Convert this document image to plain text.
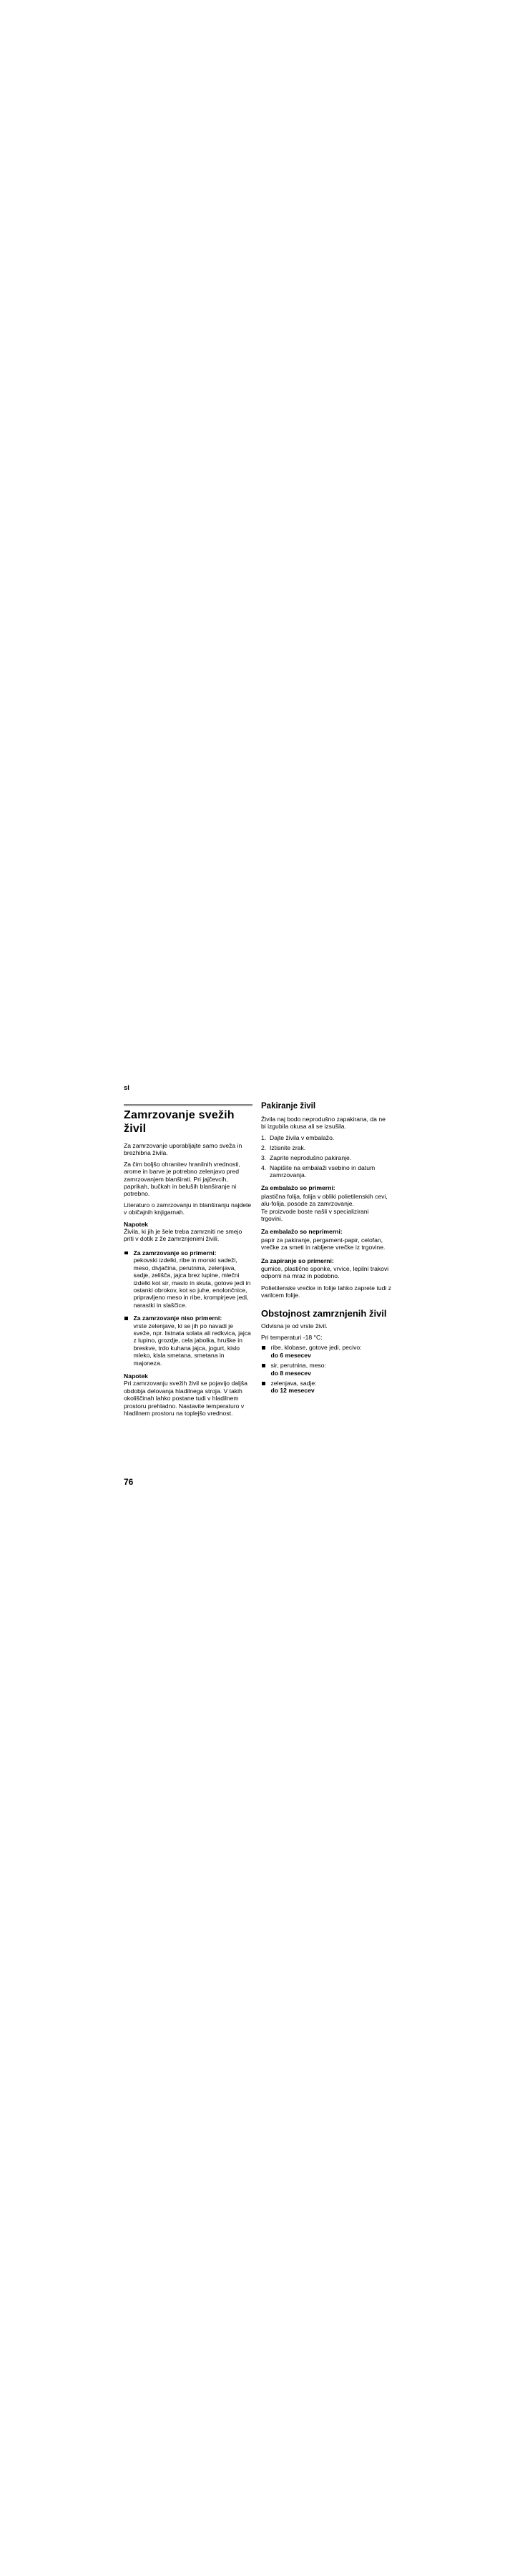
sl
Zamrzovanje svežih živil

Za zamrzovanje uporabljajte samo sveža in brezhibna živila.

Za čim boljšo ohranitev hranilnih vrednosti, arome in barve je potrebno zelenjavo pred zamrzovanjem blanširati. Pri jajčevcih, paprikah, bučkah in beluših blanširanje ni potrebno.

Literaturo o zamrzovanju in blanširanju najdete v običajnih knjigarnah.

Napotek

Živila, ki jih je šele treba zamrzniti ne smejo priti v dotik z že zamrznjenimi živili.

Za zamrzovanje so primerni:
pekovski izdelki, ribe in morski sadeži, meso, divjačina, perutnina, zelenjava, sadje, zelišča, jajca brez lupine, mlečni izdelki kot sir, maslo in skuta, gotove jedi in ostanki obrokov, kot so juhe, enolončnice, pripravljeno meso in ribe, krompirjeve jedi, narastki in slaščice.
Za zamrzovanje niso primerni:
vrste zelenjave, ki se jih po navadi je sveže, npr. listnata solata ali redkvica, jajca z lupino, grozdje, cela jabolka, hruške in breskve, trdo kuhana jajca, jogurt, kislo mleko, kisla smetana, smetana in majoneza.
Napotek

Pri zamrzovanju svežih živil se pojavijo daljša obdobja delovanja hladilnega stroja. V takih okoliščinah lahko postane tudi v hladilnem prostoru prehladno. Nastavite temperaturo v hladilnem prostoru na toplejšo vrednost.

Pakiranje živil

Živila naj bodo neprodušno zapakirana, da ne bi izgubila okusa ali se izsušila.

1. Dajte živila v embalažo.
2. Iztisnite zrak.
3. Zaprite neprodušno pakiranje.
4. Napišite na embalaži vsebino in datum zamrzovanja.
Za embalažo so primerni:

plastična folija, folija v obliki polietilenskih cevi, alu-folija, posode za zamrzovanje.

Te proizvode boste našli v specializirani trgovini.

Za embalažo so neprimerni:

papir za pakiranje, pergament-papir, celofan, vrečke za smeti in rabljene vrečke iz trgovine.

Za zapiranje so primerni:

gumice, plastične sponke, vrvice, lepilni trakovi odporni na mraz in podobno.

Polietilenske vrečke in folije lahko zaprete tudi z varilcem folije.

Obstojnost zamrznjenih živil

Odvisna je od vrste živil.

Pri temperaturi -18 °C:

ribe, klobase, gotove jedi, pecivo:
do 6 mesecev
sir, perutnina, meso:
do 8 mesecev
zelenjava, sadje:
do 12 mesecev
76
